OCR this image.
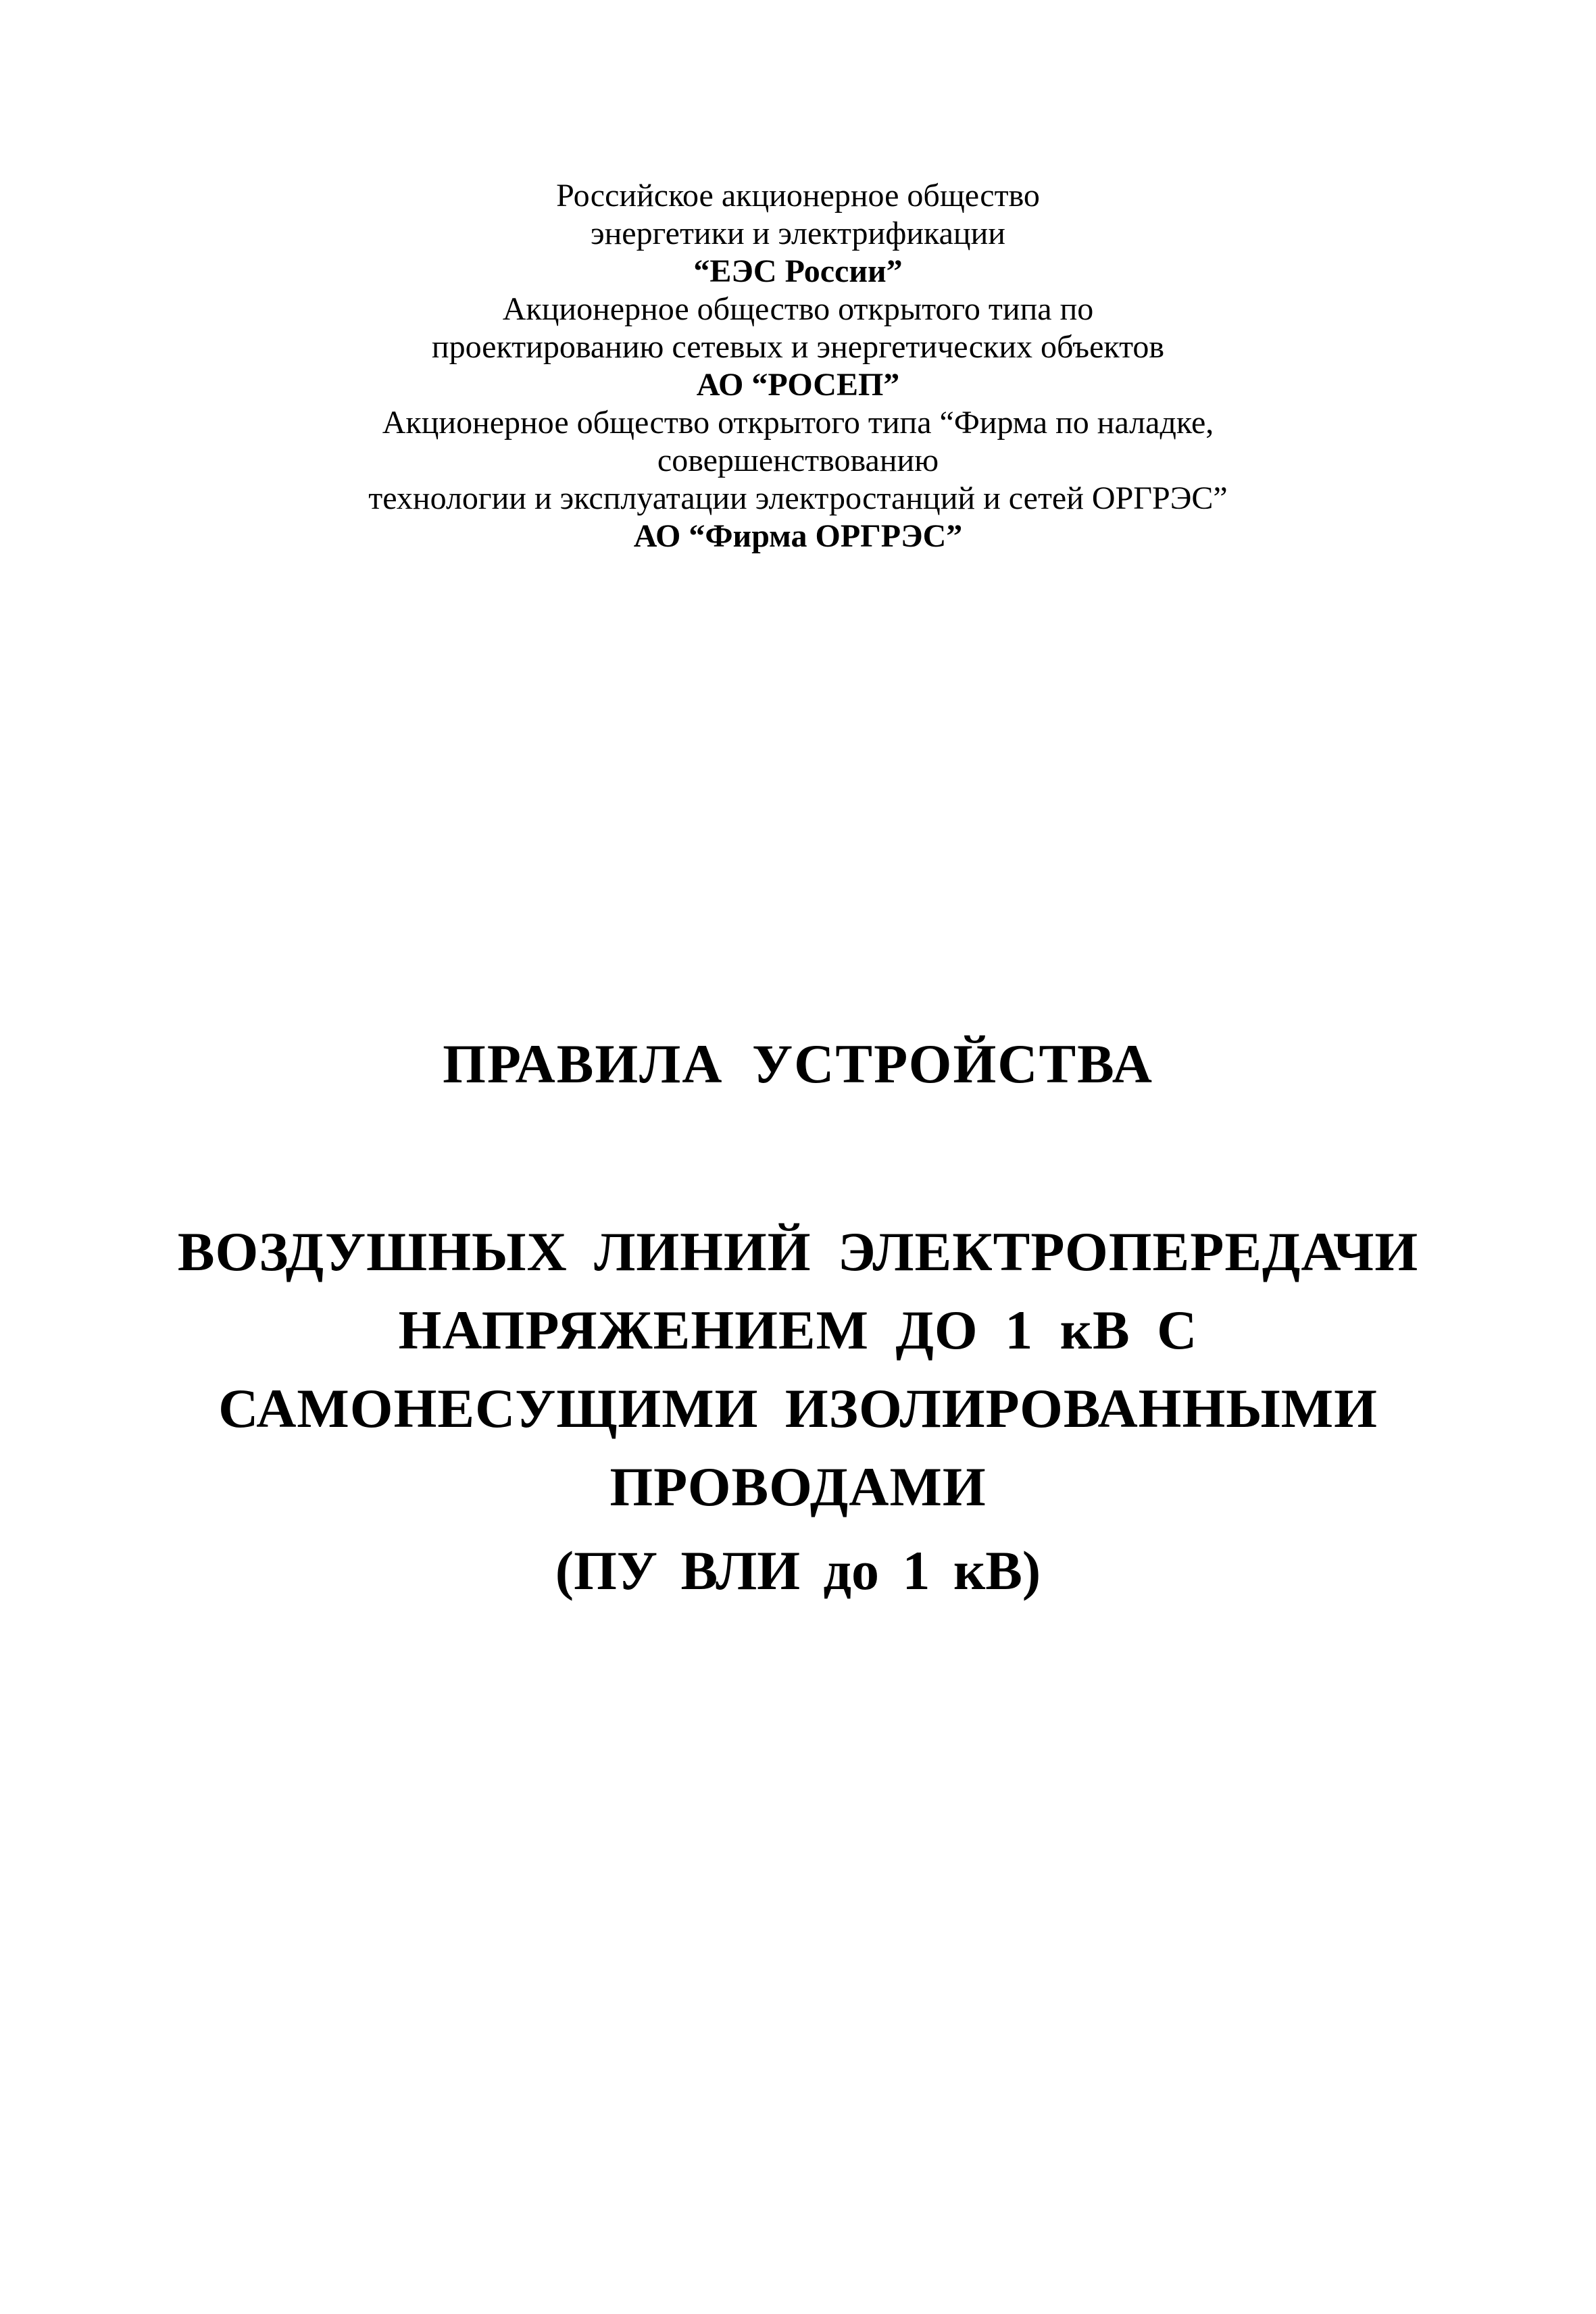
Российское акционерное общество
энергетики и электрификации
“ЕЭС России”
Акционерное общество открытого типа по
проектированию сетевых и энергетических объектов
АО “РОСЕП”
Акционерное общество открытого типа “Фирма по наладке,
совершенствованию
технологии и эксплуатации электростанций и сетей ОРГРЭС”
АО “Фирма ОРГРЭС”
ПРАВИЛА УСТРОЙСТВА
ВОЗДУШНЫХ ЛИНИЙ ЭЛЕКТРОПЕРЕДАЧИ
НАПРЯЖЕНИЕМ ДО 1 кВ С
САМОНЕСУЩИМИ ИЗОЛИРОВАННЫМИ
ПРОВОДАМИ
(ПУ ВЛИ до 1 кВ)
